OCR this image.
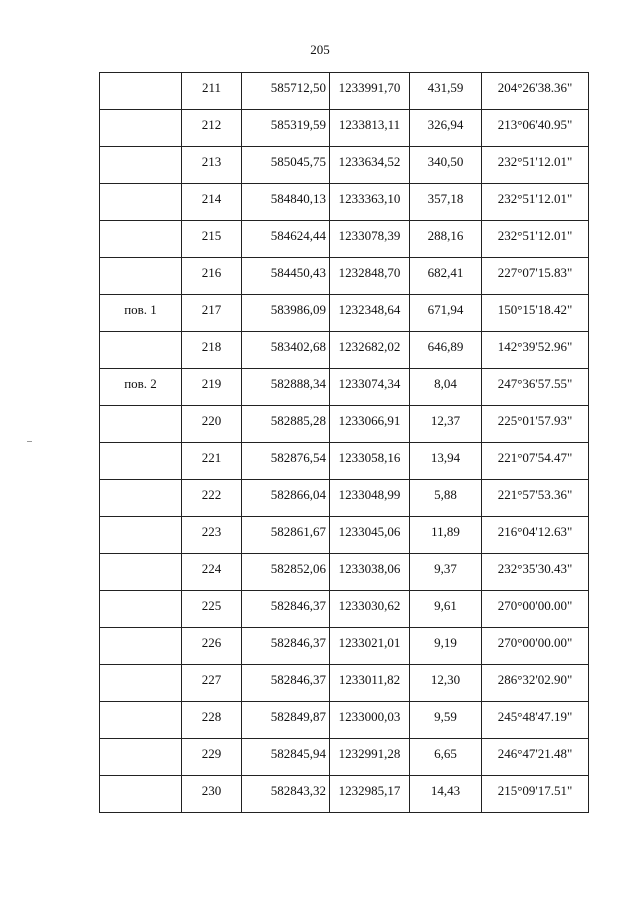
205
	211	585712,50	1233991,70	431,59	204°26'38.36"
	212	585319,59	1233813,11	326,94	213°06'40.95"
	213	585045,75	1233634,52	340,50	232°51'12.01"
	214	584840,13	1233363,10	357,18	232°51'12.01"
	215	584624,44	1233078,39	288,16	232°51'12.01"
	216	584450,43	1232848,70	682,41	227°07'15.83"
пов. 1	217	583986,09	1232348,64	671,94	150°15'18.42"
	218	583402,68	1232682,02	646,89	142°39'52.96"
пов. 2	219	582888,34	1233074,34	8,04	247°36'57.55"
	220	582885,28	1233066,91	12,37	225°01'57.93"
	221	582876,54	1233058,16	13,94	221°07'54.47"
	222	582866,04	1233048,99	5,88	221°57'53.36"
	223	582861,67	1233045,06	11,89	216°04'12.63"
	224	582852,06	1233038,06	9,37	232°35'30.43"
	225	582846,37	1233030,62	9,61	270°00'00.00"
	226	582846,37	1233021,01	9,19	270°00'00.00"
	227	582846,37	1233011,82	12,30	286°32'02.90"
	228	582849,87	1233000,03	9,59	245°48'47.19"
	229	582845,94	1232991,28	6,65	246°47'21.48"
	230	582843,32	1232985,17	14,43	215°09'17.51"
